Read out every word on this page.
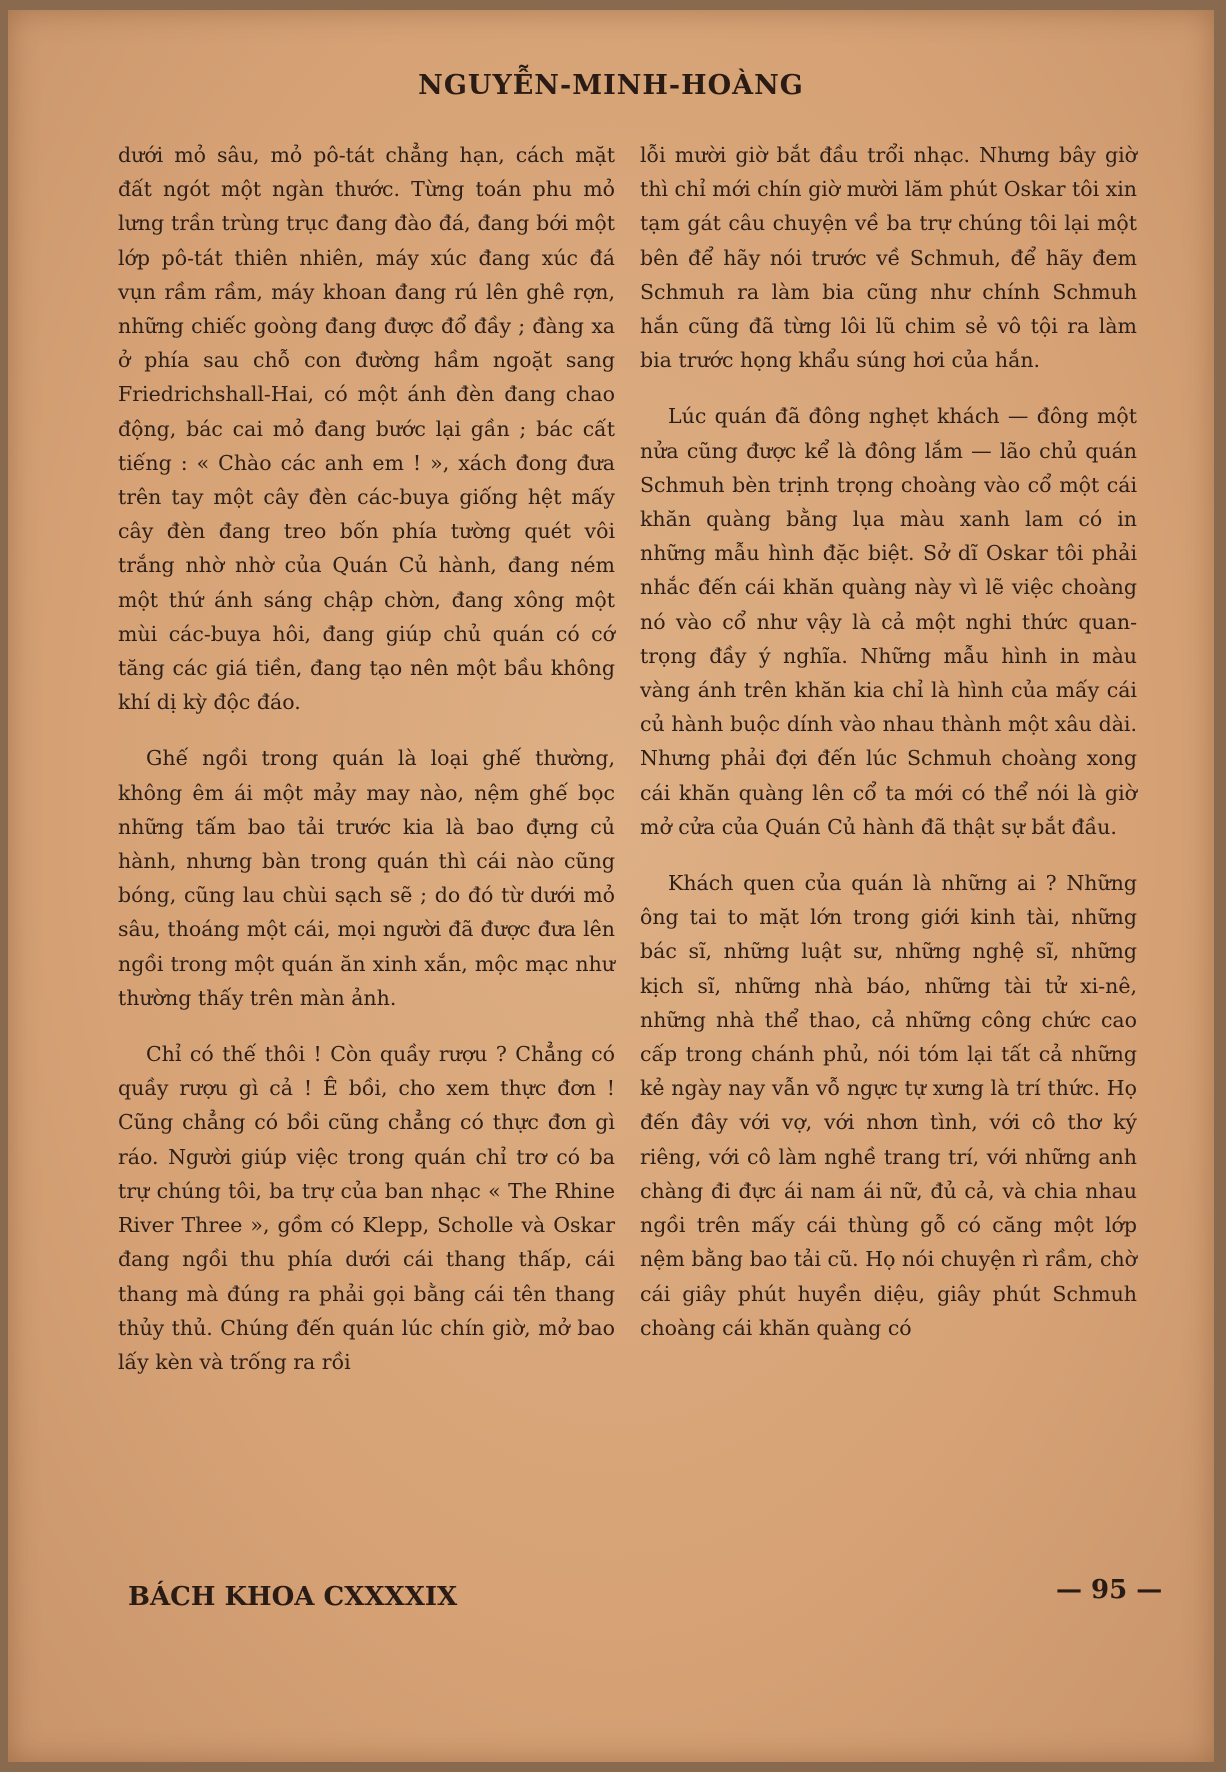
NGUYỄN-MINH-HOÀNG

dưới mỏ sâu, mỏ pô-tát chẳng hạn, cách mặt đất ngót một ngàn thước. Từng toán phu mỏ lưng trần trùng trục đang đào đá, đang bới một lớp pô-tát thiên nhiên, máy xúc đang xúc đá vụn rầm rầm, máy khoan đang rú lên ghê rợn, những chiếc goòng đang được đổ đầy ; đàng xa ở phía sau chỗ con đường hầm ngoặt sang Friedrichshall-Hai, có một ánh đèn đang chao động, bác cai mỏ đang bước lại gần ; bác cất tiếng : « Chào các anh em ! », xách đong đưa trên tay một cây đèn các-buya giống hệt mấy cây đèn đang treo bốn phía tường quét vôi trắng nhờ nhờ của Quán Củ hành, đang ném một thứ ánh sáng chập chờn, đang xông một mùi các-buya hôi, đang giúp chủ quán có cớ tăng các giá tiền, đang tạo nên một bầu không khí dị kỳ độc đáo.

Ghế ngồi trong quán là loại ghế thường, không êm ái một mảy may nào, nệm ghế bọc những tấm bao tải trước kia là bao đựng củ hành, nhưng bàn trong quán thì cái nào cũng bóng, cũng lau chùi sạch sẽ ; do đó từ dưới mỏ sâu, thoáng một cái, mọi người đã được đưa lên ngồi trong một quán ăn xinh xắn, mộc mạc như thường thấy trên màn ảnh.

Chỉ có thế thôi ! Còn quầy rượu ? Chẳng có quầy rượu gì cả ! Ê bồi, cho xem thực đơn ! Cũng chẳng có bồi cũng chẳng có thực đơn gì ráo. Người giúp việc trong quán chỉ trơ có ba trự chúng tôi, ba trự của ban nhạc « The Rhine River Three », gồm có Klepp, Scholle và Oskar đang ngồi thu phía dưới cái thang thấp, cái thang mà đúng ra phải gọi bằng cái tên thang thủy thủ. Chúng đến quán lúc chín giờ, mở bao lấy kèn và trống ra rồi

lỗi mười giờ bắt đầu trổi nhạc. Nhưng bây giờ thì chỉ mới chín giờ mười lăm phút Oskar tôi xin tạm gát câu chuyện về ba trự chúng tôi lại một bên để hãy nói trước về Schmuh, để hãy đem Schmuh ra làm bia cũng như chính Schmuh hắn cũng đã từng lôi lũ chim sẻ vô tội ra làm bia trước họng khẩu súng hơi của hắn.

Lúc quán đã đông nghẹt khách — đông một nửa cũng được kể là đông lắm — lão chủ quán Schmuh bèn trịnh trọng choàng vào cổ một cái khăn quàng bằng lụa màu xanh lam có in những mẫu hình đặc biệt. Sở dĩ Oskar tôi phải nhắc đến cái khăn quàng này vì lẽ việc choàng nó vào cổ như vậy là cả một nghi thức quan-trọng đầy ý nghĩa. Những mẫu hình in màu vàng ánh trên khăn kia chỉ là hình của mấy cái củ hành buộc dính vào nhau thành một xâu dài. Nhưng phải đợi đến lúc Schmuh choàng xong cái khăn quàng lên cổ ta mới có thể nói là giờ mở cửa của Quán Củ hành đã thật sự bắt đầu.

Khách quen của quán là những ai ? Những ông tai to mặt lớn trong giới kinh tài, những bác sĩ, những luật sư, những nghệ sĩ, những kịch sĩ, những nhà báo, những tài tử xi-nê, những nhà thể thao, cả những công chức cao cấp trong chánh phủ, nói tóm lại tất cả những kẻ ngày nay vẫn vỗ ngực tự xưng là trí thức. Họ đến đây với vợ, với nhơn tình, với cô thơ ký riêng, với cô làm nghề trang trí, với những anh chàng đi đực ái nam ái nữ, đủ cả, và chia nhau ngồi trên mấy cái thùng gỗ có căng một lớp nệm bằng bao tải cũ. Họ nói chuyện rì rầm, chờ cái giây phút huyền diệu, giây phút Schmuh choàng cái khăn quàng có

BÁCH KHOA CXXXXIX	— 95 —
